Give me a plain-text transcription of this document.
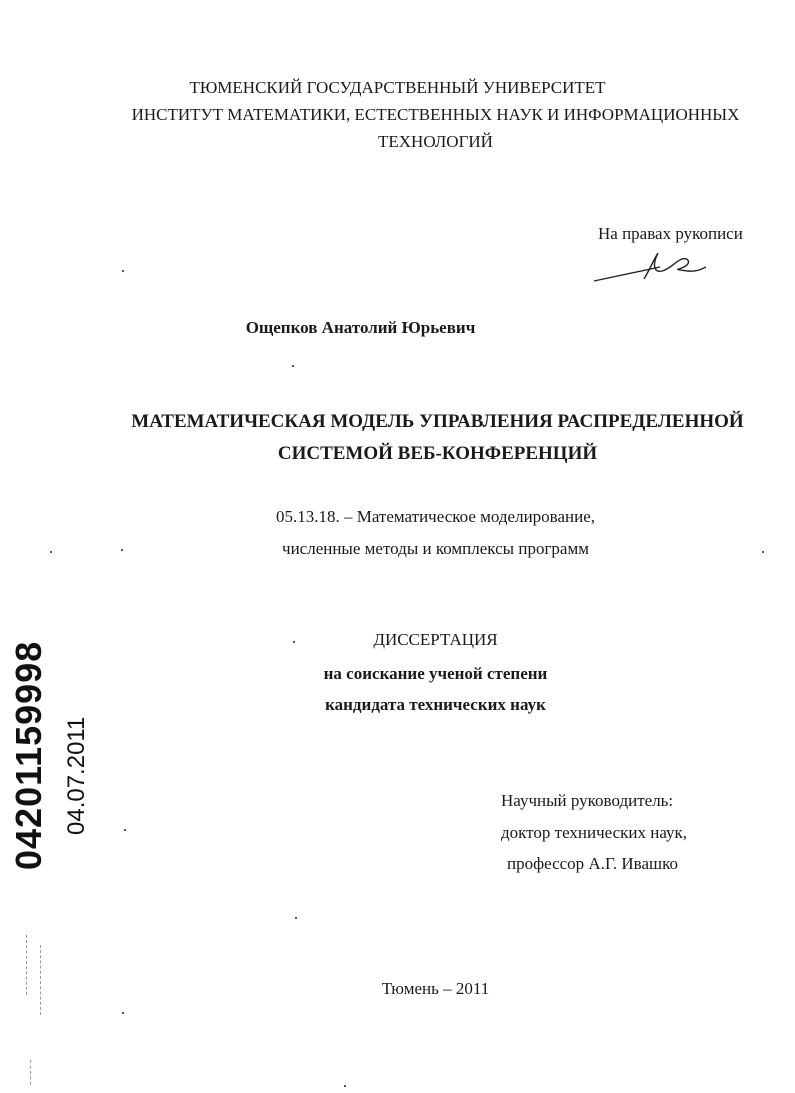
ТЮМЕНСКИЙ ГОСУДАРСТВЕННЫЙ УНИВЕРСИТЕТ
ИНСТИТУТ МАТЕМАТИКИ, ЕСТЕСТВЕННЫХ НАУК И ИНФОРМАЦИОННЫХ
ТЕХНОЛОГИЙ
На правах рукописи
Ощепков Анатолий Юрьевич
МАТЕМАТИЧЕСКАЯ МОДЕЛЬ УПРАВЛЕНИЯ РАСПРЕДЕЛЕННОЙ
СИСТЕМОЙ ВЕБ-КОНФЕРЕНЦИЙ
05.13.18. – Математическое моделирование,
численные методы и комплексы программ
ДИССЕРТАЦИЯ
на соискание ученой степени
кандидата технических наук
Научный руководитель:
доктор технических наук,
профессор А.Г. Ивашко
Тюмень – 2011
04201159998 04.07.2011
